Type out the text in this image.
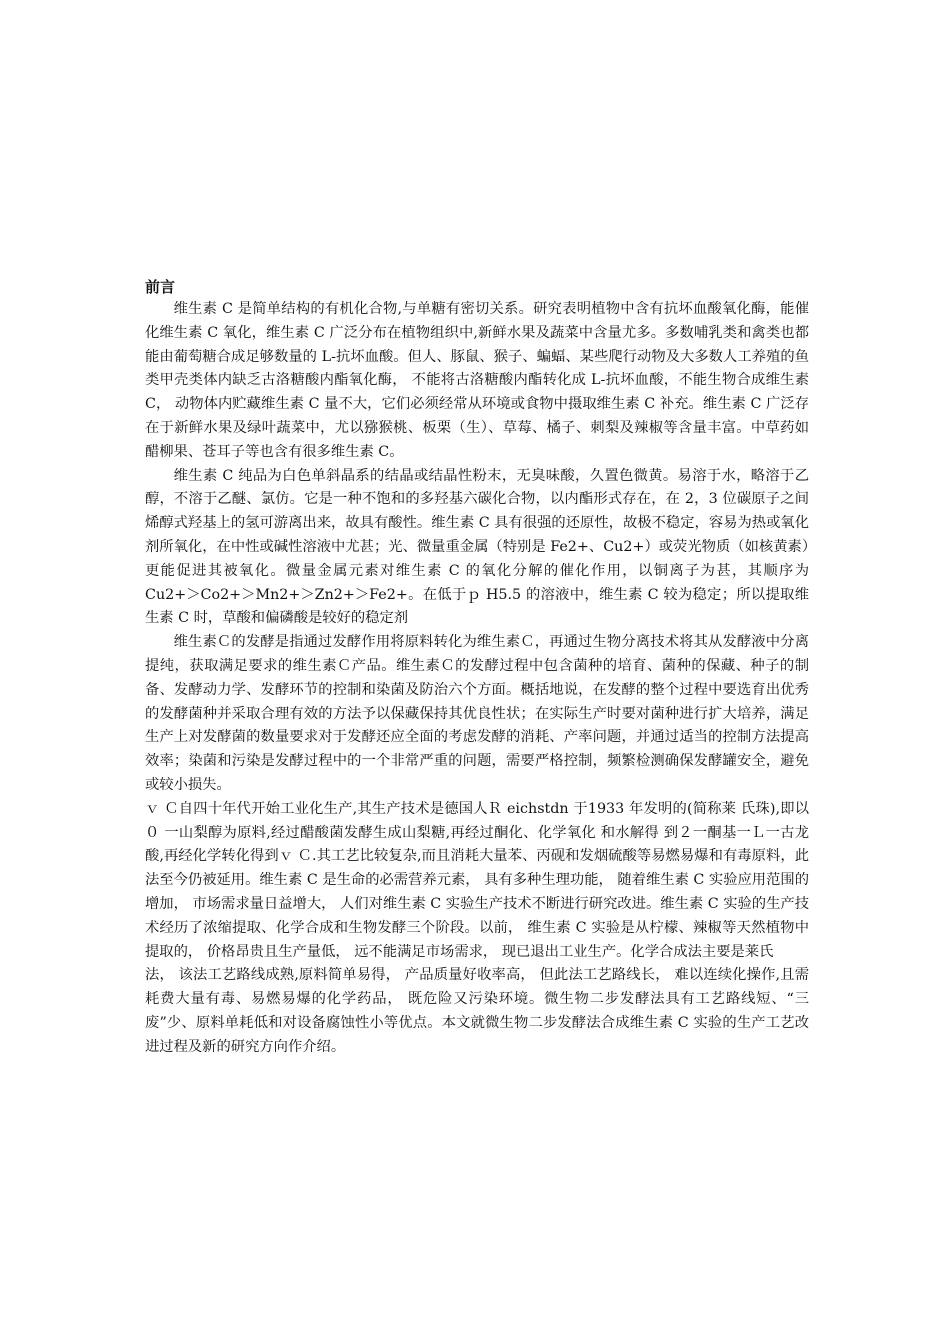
前言

维生素 C 是简单结构的有机化合物,与单糖有密切关系。研究表明植物中含有抗坏血酸氧化酶，能催化维生素 C 氧化，维生素 C 广泛分布在植物组织中,新鲜水果及蔬菜中含量尤多。多数哺乳类和禽类也都能由葡萄糖合成足够数量的 L-抗坏血酸。但人、豚鼠、猴子、蝙蝠、某些爬行动物及大多数人工养殖的鱼类甲壳类体内缺乏古洛糖酸内酯氧化酶， 不能将古洛糖酸内酯转化成 L-抗坏血酸，不能生物合成维生素 C， 动物体内贮藏维生素 C 量不大，它们必须经常从环境或食物中摄取维生素 C 补充。维生素 C 广泛存在于新鲜水果及绿叶蔬菜中，尤以猕猴桃、板栗（生）、草莓、橘子、刺梨及辣椒等含量丰富。中草药如醋柳果、苍耳子等也含有很多维生素 C。

维生素 C 纯品为白色单斜晶系的结晶或结晶性粉末，无臭味酸，久置色微黄。易溶于水，略溶于乙醇，不溶于乙醚、氯仿。它是一种不饱和的多羟基六碳化合物，以内酯形式存在，在 2，3 位碳原子之间烯醇式羟基上的氢可游离出来，故具有酸性。维生素 C 具有很强的还原性，故极不稳定，容易为热或氧化剂所氧化，在中性或碱性溶液中尤甚；光、微量重金属（特别是 Fe2+、Cu2+）或荧光物质（如核黄素）更能促进其被氧化。微量金属元素对维生素 C 的氧化分解的催化作用，以铜离子为甚，其顺序为 Cu2+＞Co2+＞Mn2+＞Zn2+＞Fe2+。在低于ｐ H5.5 的溶液中，维生素 C 较为稳定；所以提取维生素 C 时，草酸和偏磷酸是较好的稳定剂

维生素Ｃ的发酵是指通过发酵作用将原料转化为维生素Ｃ，再通过生物分离技术将其从发酵液中分离提纯，获取满足要求的维生素Ｃ产品。维生素Ｃ的发酵过程中包含菌种的培育、菌种的保藏、种子的制备、发酵动力学、发酵环节的控制和染菌及防治六个方面。概括地说，在发酵的整个过程中要选育出优秀的发酵菌种并采取合理有效的方法予以保藏保持其优良性状；在实际生产时要对菌种进行扩大培养，满足生产上对发酵菌的数量要求对于发酵还应全面的考虑发酵的消耗、产率问题，并通过适当的控制方法提高效率；染菌和污染是发酵过程中的一个非常严重的问题，需要严格控制，频繁检测确保发酵罐安全，避免或较小损失。

ｖ Ｃ自四十年代开始工业化生产,其生产技术是德国人Ｒ eichstdn 于1933 年发明的(简称莱 氏珠),即以０ 一山梨醇为原料,经过醋酸菌发酵生成山梨糖,再经过酮化、化学氧化 和水解得 到２一酮基一Ｌ一古龙酸,再经化学转化得到ｖ Ｃ.其工艺比较复杂,而且消耗大量苯、丙砚和发烟硫酸等易燃易爆和有毒原料，此法至今仍被延用。维生素 C 是生命的必需营养元素， 具有多种生理功能， 随着维生素 C 实验应用范围的增加， 市场需求量日益增大， 人们对维生素 C 实验生产技术不断进行研究改进。维生素 C 实验的生产技术经历了浓缩提取、化学合成和生物发酵三个阶段。以前， 维生素 C 实验是从柠檬、辣椒等天然植物中提取的， 价格昂贵且生产量低， 远不能满足市场需求， 现已退出工业生产。化学合成法主要是莱氏

法， 该法工艺路线成熟,原料简单易得， 产品质量好收率高， 但此法工艺路线长， 难以连续化操作,且需耗费大量有毒、易燃易爆的化学药品， 既危险又污染环境。微生物二步发酵法具有工艺路线短、“三废”少、原料单耗低和对设备腐蚀性小等优点。本文就微生物二步发酵法合成维生素 C 实验的生产工艺改进过程及新的研究方向作介绍。
